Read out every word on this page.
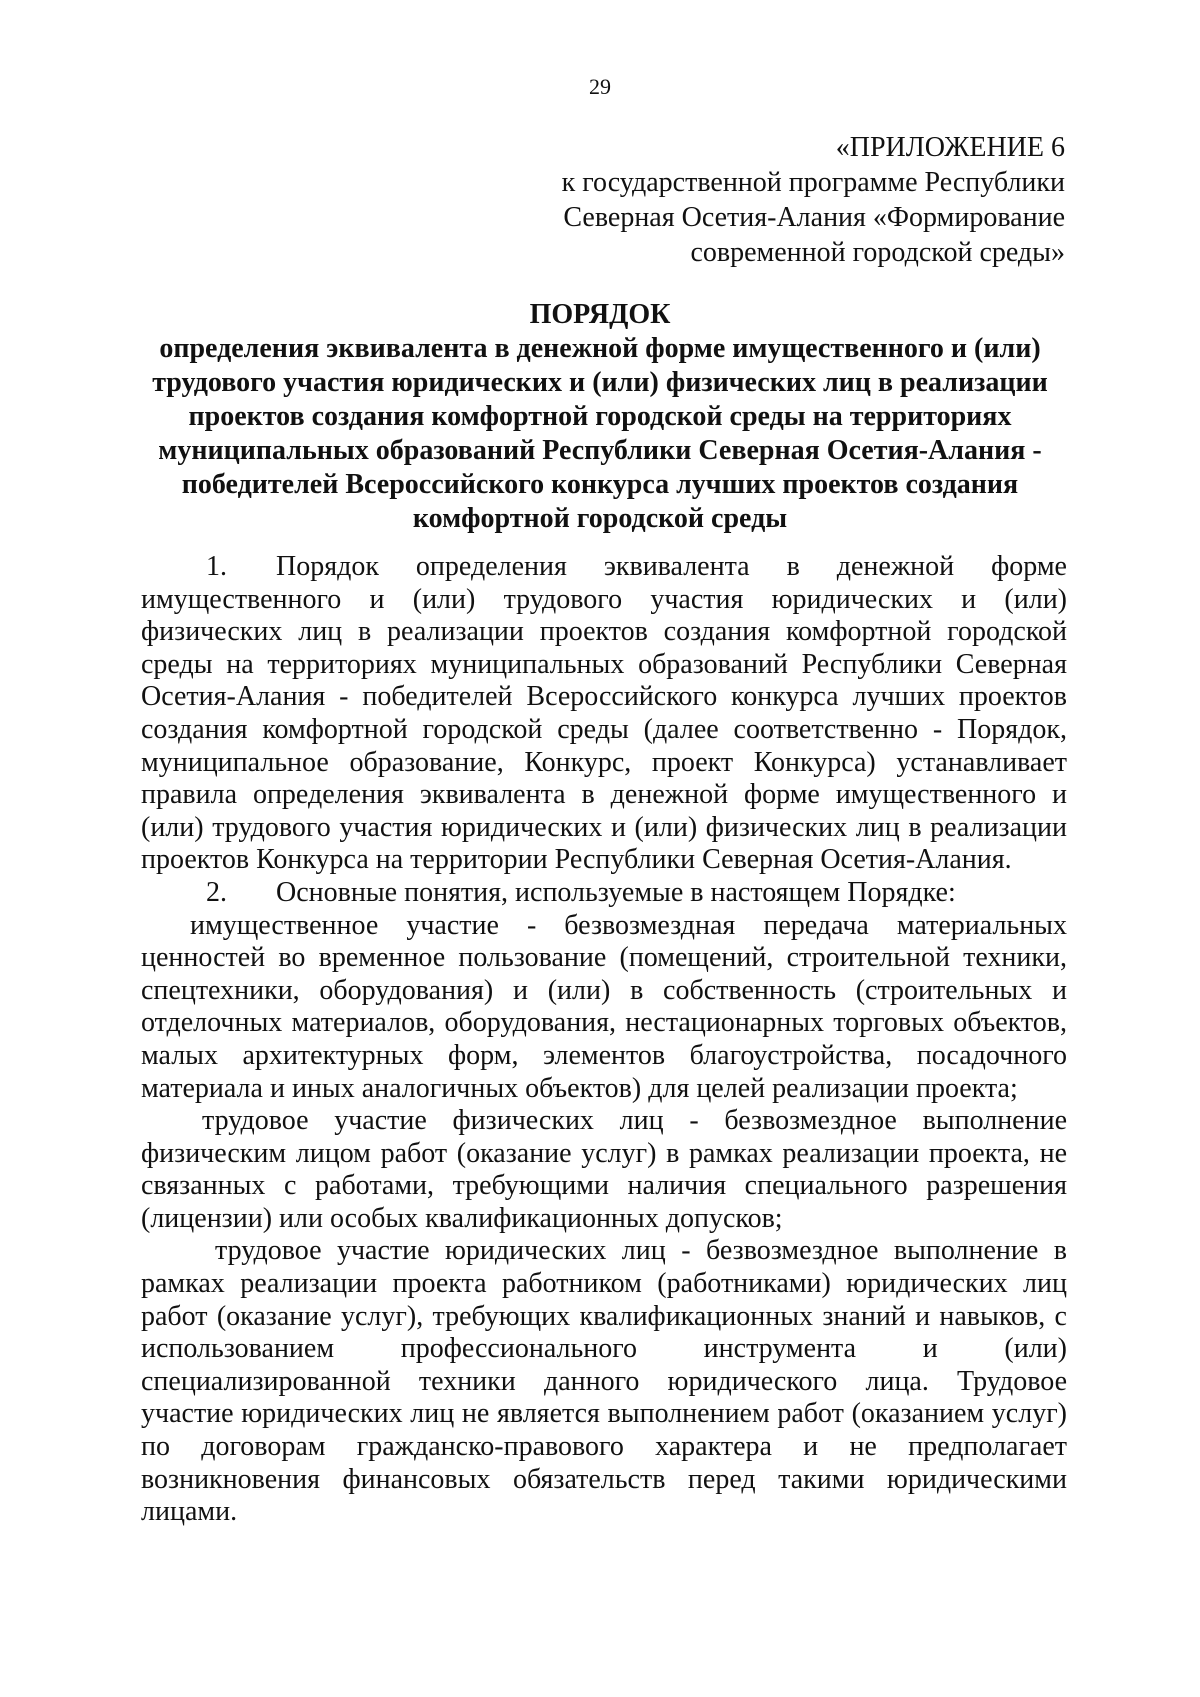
29
«ПРИЛОЖЕНИЕ 6
к государственной программе Республики
Северная Осетия-Алания «Формирование
современной городской среды»
ПОРЯДОК
определения эквивалента в денежной форме имущественного и (или)
трудового участия юридических и (или) физических лиц в реализации
проектов создания комфортной городской среды на территориях
муниципальных образований Республики Северная Осетия-Алания -
победителей Всероссийского конкурса лучших проектов создания
комфортной городской среды
1.	Порядок определения эквивалента в денежной форме
имущественного и (или) трудового участия юридических и (или)
физических лиц в реализации проектов создания комфортной городской
среды на территориях муниципальных образований Республики Северная
Осетия-Алания - победителей Всероссийского конкурса лучших проектов
создания комфортной городской среды (далее соответственно - Порядок,
муниципальное образование, Конкурс, проект Конкурса) устанавливает
правила определения эквивалента в денежной форме имущественного и
(или) трудового участия юридических и (или) физических лиц в реализации
проектов Конкурса на территории Республики Северная Осетия-Алания.
2.	Основные понятия, используемые в настоящем Порядке:
имущественное участие - безвозмездная передача материальных
ценностей во временное пользование (помещений, строительной техники,
спецтехники, оборудования) и (или) в собственность (строительных и
отделочных материалов, оборудования, нестационарных торговых объектов,
малых архитектурных форм, элементов благоустройства, посадочного
материала и иных аналогичных объектов) для целей реализации проекта;
трудовое участие физических лиц - безвозмездное выполнение
физическим лицом работ (оказание услуг) в рамках реализации проекта, не
связанных с работами, требующими наличия специального разрешения
(лицензии) или особых квалификационных допусков;
трудовое участие юридических лиц - безвозмездное выполнение в
рамках реализации проекта работником (работниками) юридических лиц
работ (оказание услуг), требующих квалификационных знаний и навыков, с
использованием профессионального инструмента и (или)
специализированной техники данного юридического лица. Трудовое
участие юридических лиц не является выполнением работ (оказанием услуг)
по договорам гражданско-правового характера и не предполагает
возникновения финансовых обязательств перед такими юридическими
лицами.
